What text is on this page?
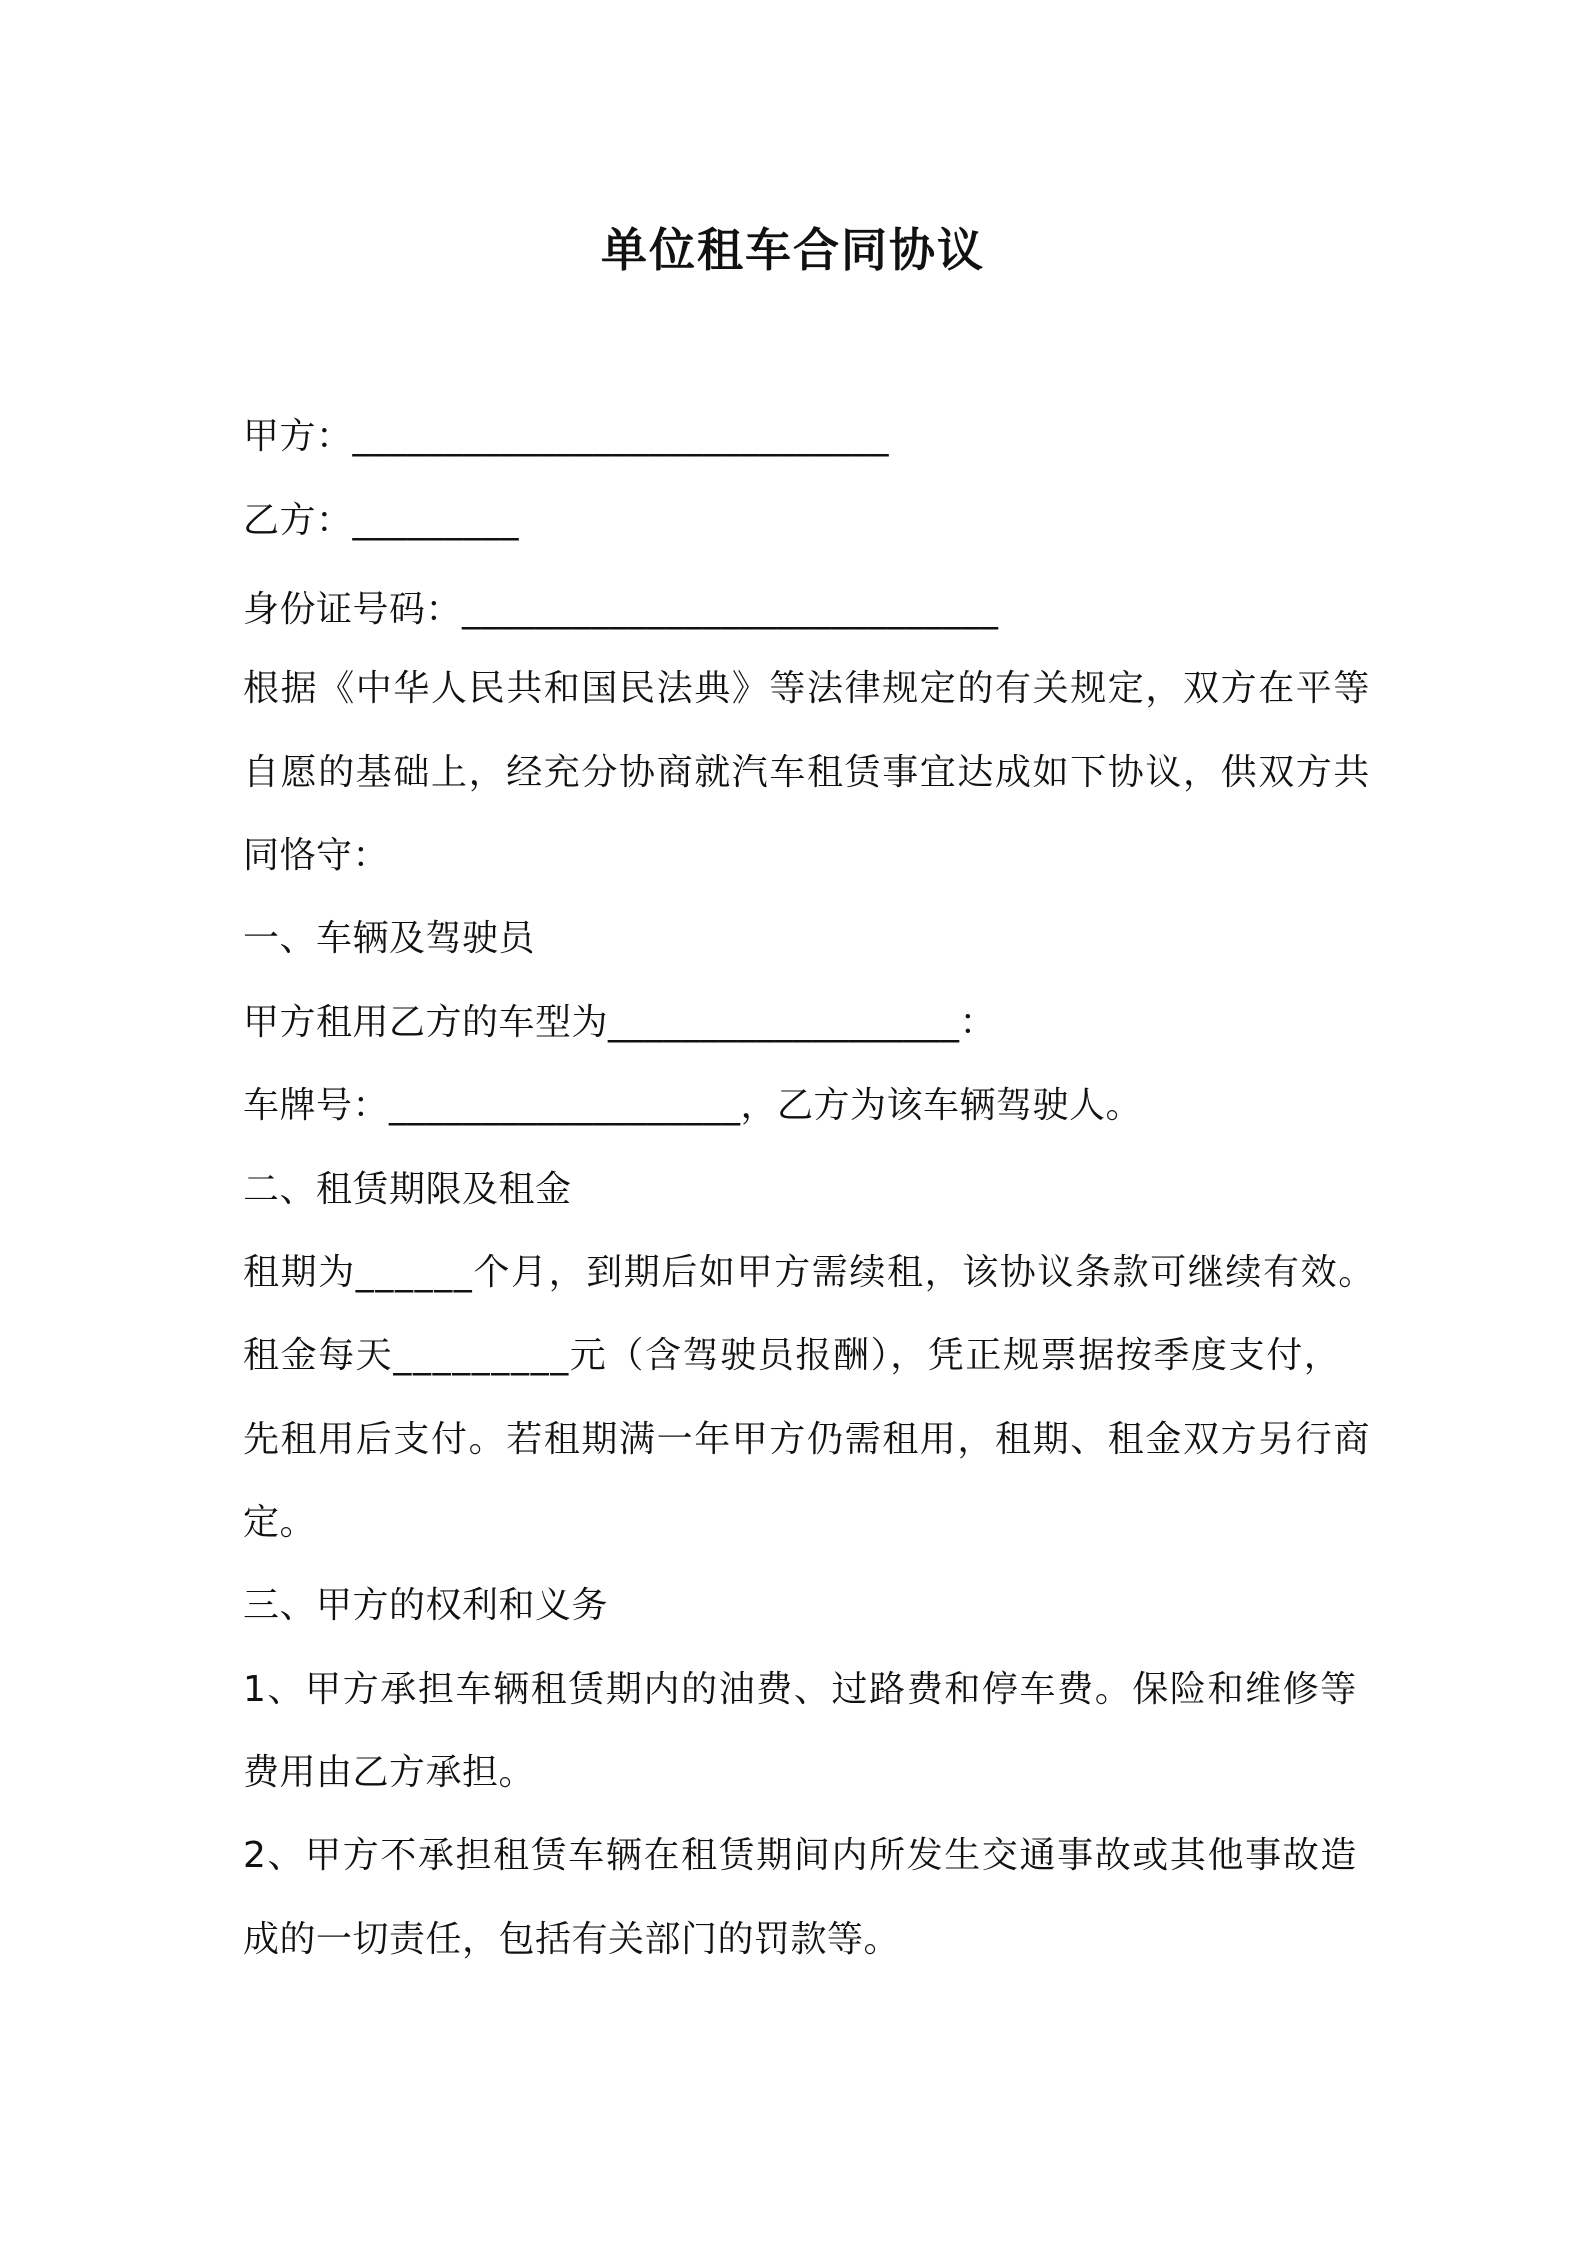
单位租车合同协议
甲方：_____________________________
乙方：_________
身份证号码：_____________________________
根据《中华人民共和国民法典》等法律规定的有关规定，双方在平等
自愿的基础上，经充分协商就汽车租赁事宜达成如下协议，供双方共
同恪守：
一、车辆及驾驶员
甲方租用乙方的车型为___________________：
车牌号：___________________，乙方为该车辆驾驶人。
二、租赁期限及租金
租期为______个月，到期后如甲方需续租，该协议条款可继续有效。
租金每天_________元（含驾驶员报酬），凭正规票据按季度支付，
先租用后支付。若租期满一年甲方仍需租用，租期、租金双方另行商
定。
三、甲方的权利和义务
1、甲方承担车辆租赁期内的油费、过路费和停车费。保险和维修等
费用由乙方承担。
2、甲方不承担租赁车辆在租赁期间内所发生交通事故或其他事故造
成的一切责任，包括有关部门的罚款等。
